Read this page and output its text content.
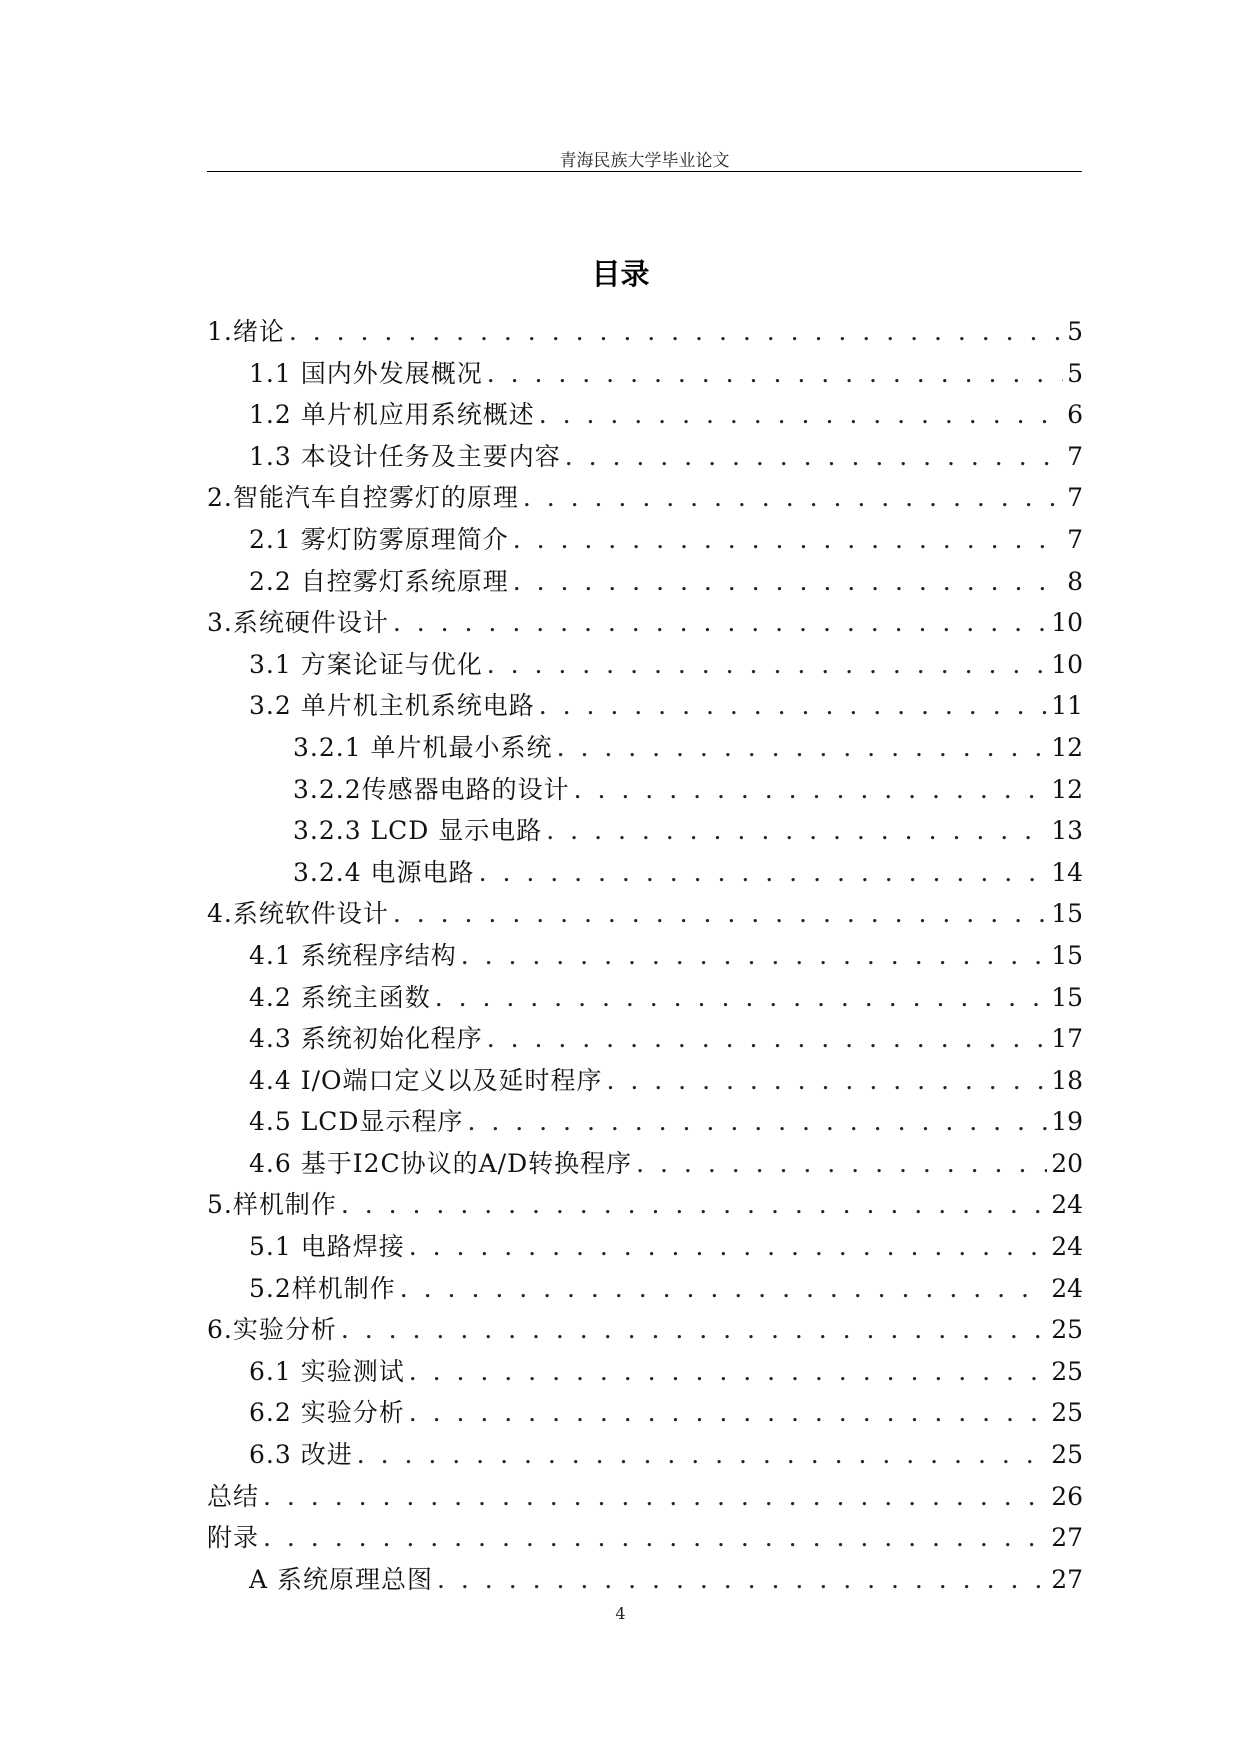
青海民族大学毕业论文
目录
1.绪论 . . .	5
1.1 国内外发展概况 . . .	5
1.2 单片机应用系统概述 . . .	6
1.3 本设计任务及主要内容 . . .	7
2.智能汽车自控雾灯的原理 . . .	7
2.1 雾灯防雾原理简介 . . .	7
2.2 自控雾灯系统原理 . . .	8
3.系统硬件设计 . . .	10
3.1 方案论证与优化 . . .	10
3.2 单片机主机系统电路 . . .	11
3.2.1 单片机最小系统 . . .	12
3.2.2传感器电路的设计 . . .	12
3.2.3 LCD 显示电路 . . .	13
3.2.4 电源电路 . . .	14
4.系统软件设计 . . .	15
4.1 系统程序结构 . . .	15
4.2 系统主函数 . . .	15
4.3 系统初始化程序 . . .	17
4.4 I/O端口定义以及延时程序 . . .	18
4.5 LCD显示程序 . . .	19
4.6 基于I2C协议的A/D转换程序 . . .	20
5.样机制作 . . .	24
5.1 电路焊接 . . .	24
5.2样机制作 . . .	24
6.实验分析 . . .	25
6.1 实验测试 . . .	25
6.2 实验分析 . . .	25
6.3 改进 . . .	25
总结 . . .	26
附录 . . .	27
A 系统原理总图 . . .	27
4
